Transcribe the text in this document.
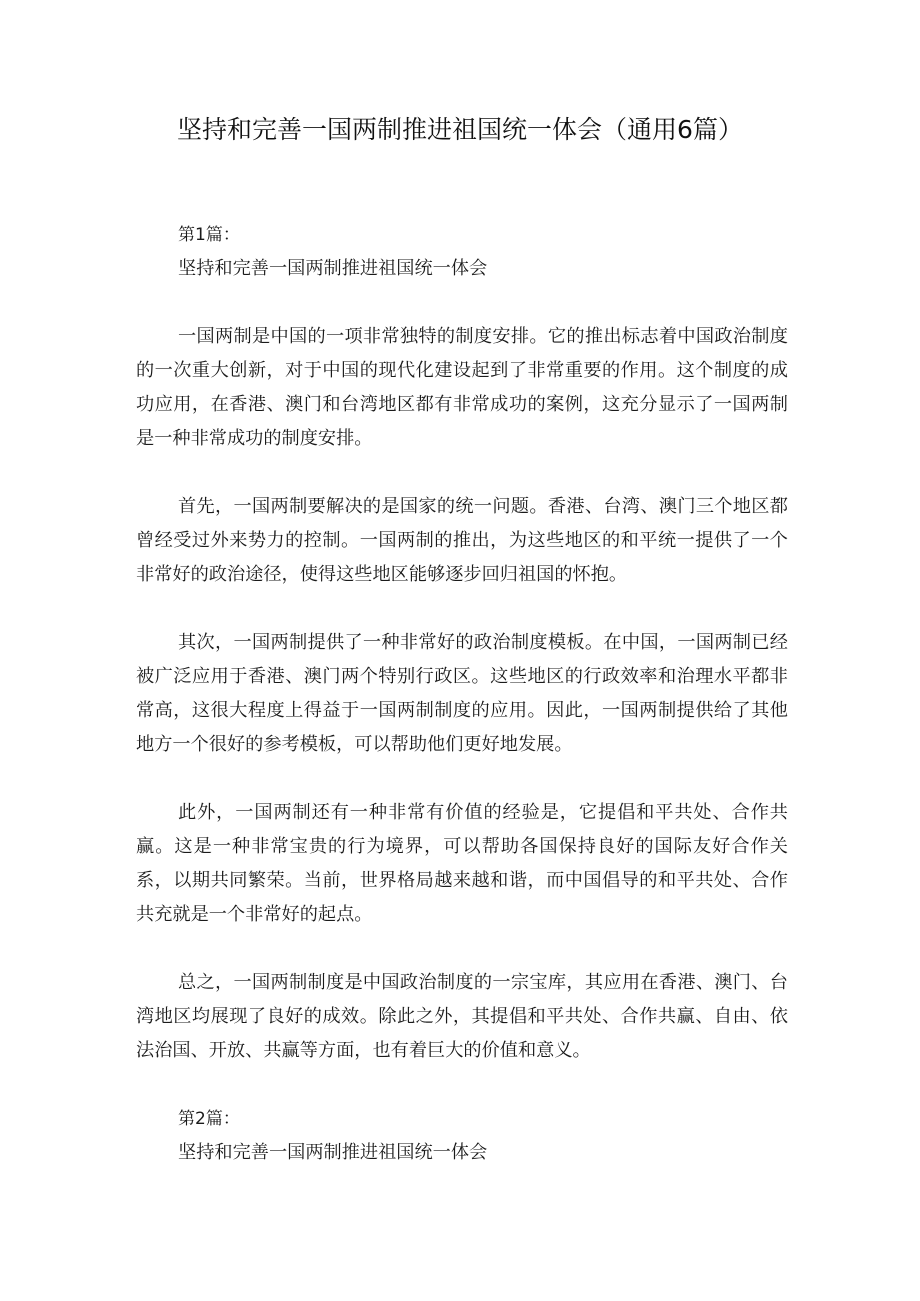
坚持和完善一国两制推进祖国统一体会（通用6篇）

第1篇：

坚持和完善一国两制推进祖国统一体会

一国两制是中国的一项非常独特的制度安排。它的推出标志着中国政治制度的一次重大创新，对于中国的现代化建设起到了非常重要的作用。这个制度的成功应用，在香港、澳门和台湾地区都有非常成功的案例，这充分显示了一国两制是一种非常成功的制度安排。

首先，一国两制要解决的是国家的统一问题。香港、台湾、澳门三个地区都曾经受过外来势力的控制。一国两制的推出，为这些地区的和平统一提供了一个非常好的政治途径，使得这些地区能够逐步回归祖国的怀抱。

其次，一国两制提供了一种非常好的政治制度模板。在中国，一国两制已经被广泛应用于香港、澳门两个特别行政区。这些地区的行政效率和治理水平都非常高，这很大程度上得益于一国两制制度的应用。因此，一国两制提供给了其他地方一个很好的参考模板，可以帮助他们更好地发展。

此外，一国两制还有一种非常有价值的经验是，它提倡和平共处、合作共赢。这是一种非常宝贵的行为境界，可以帮助各国保持良好的国际友好合作关系，以期共同繁荣。当前，世界格局越来越和谐，而中国倡导的和平共处、合作共充就是一个非常好的起点。

总之，一国两制制度是中国政治制度的一宗宝库，其应用在香港、澳门、台湾地区均展现了良好的成效。除此之外，其提倡和平共处、合作共赢、自由、依法治国、开放、共赢等方面，也有着巨大的价值和意义。

第2篇：

坚持和完善一国两制推进祖国统一体会
